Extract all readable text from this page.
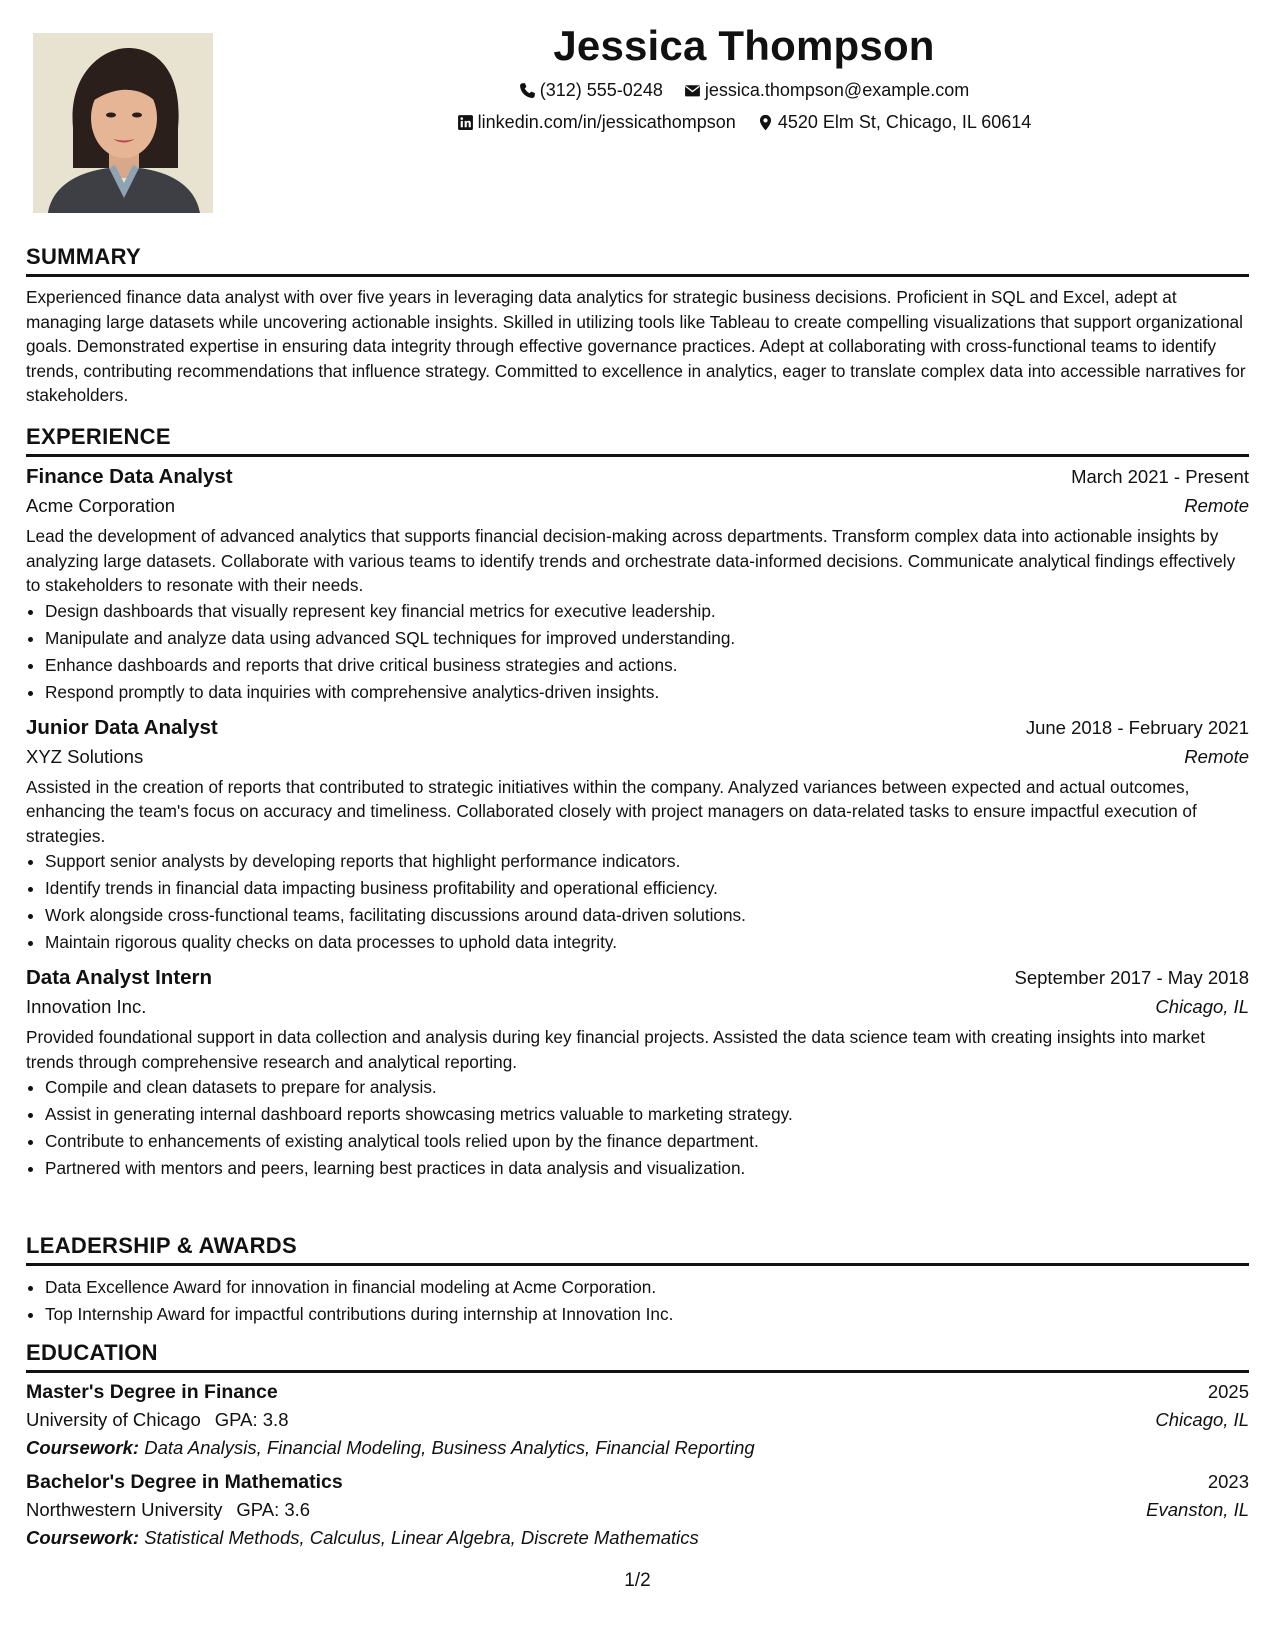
Jessica Thompson
(312) 555-0248
jessica.thompson@example.com
linkedin.com/in/jessicathompson
4520 Elm St, Chicago, IL 60614
SUMMARY

Experienced finance data analyst with over five years in leveraging data analytics for strategic business decisions. Proficient in SQL and Excel, adept at managing large datasets while uncovering actionable insights. Skilled in utilizing tools like Tableau to create compelling visualizations that support organizational goals. Demonstrated expertise in ensuring data integrity through effective governance practices. Adept at collaborating with cross-functional teams to identify trends, contributing recommendations that influence strategy. Committed to excellence in analytics, eager to translate complex data into accessible narratives for stakeholders.

EXPERIENCE
Finance Data Analyst	March 2021 - Present
Acme Corporation	Remote

Lead the development of advanced analytics that supports financial decision-making across departments. Transform complex data into actionable insights by analyzing large datasets. Collaborate with various teams to identify trends and orchestrate data-informed decisions. Communicate analytical findings effectively to stakeholders to resonate with their needs.

• Design dashboards that visually represent key financial metrics for executive leadership.
• Manipulate and analyze data using advanced SQL techniques for improved understanding.
• Enhance dashboards and reports that drive critical business strategies and actions.
• Respond promptly to data inquiries with comprehensive analytics-driven insights.
Junior Data Analyst	June 2018 - February 2021
XYZ Solutions	Remote

Assisted in the creation of reports that contributed to strategic initiatives within the company. Analyzed variances between expected and actual outcomes, enhancing the team's focus on accuracy and timeliness. Collaborated closely with project managers on data-related tasks to ensure impactful execution of strategies.

• Support senior analysts by developing reports that highlight performance indicators.
• Identify trends in financial data impacting business profitability and operational efficiency.
• Work alongside cross-functional teams, facilitating discussions around data-driven solutions.
• Maintain rigorous quality checks on data processes to uphold data integrity.
Data Analyst Intern	September 2017 - May 2018
Innovation Inc.	Chicago, IL

Provided foundational support in data collection and analysis during key financial projects. Assisted the data science team with creating insights into market trends through comprehensive research and analytical reporting.

• Compile and clean datasets to prepare for analysis.
• Assist in generating internal dashboard reports showcasing metrics valuable to marketing strategy.
• Contribute to enhancements of existing analytical tools relied upon by the finance department.
• Partnered with mentors and peers, learning best practices in data analysis and visualization.
LEADERSHIP & AWARDS
• Data Excellence Award for innovation in financial modeling at Acme Corporation.
• Top Internship Award for impactful contributions during internship at Innovation Inc.
EDUCATION
Master's Degree in Finance	2025
University of Chicago GPA: 3.8	Chicago, IL
Coursework: Data Analysis, Financial Modeling, Business Analytics, Financial Reporting
Bachelor's Degree in Mathematics	2023
Northwestern University GPA: 3.6	Evanston, IL
Coursework: Statistical Methods, Calculus, Linear Algebra, Discrete Mathematics
1/2
